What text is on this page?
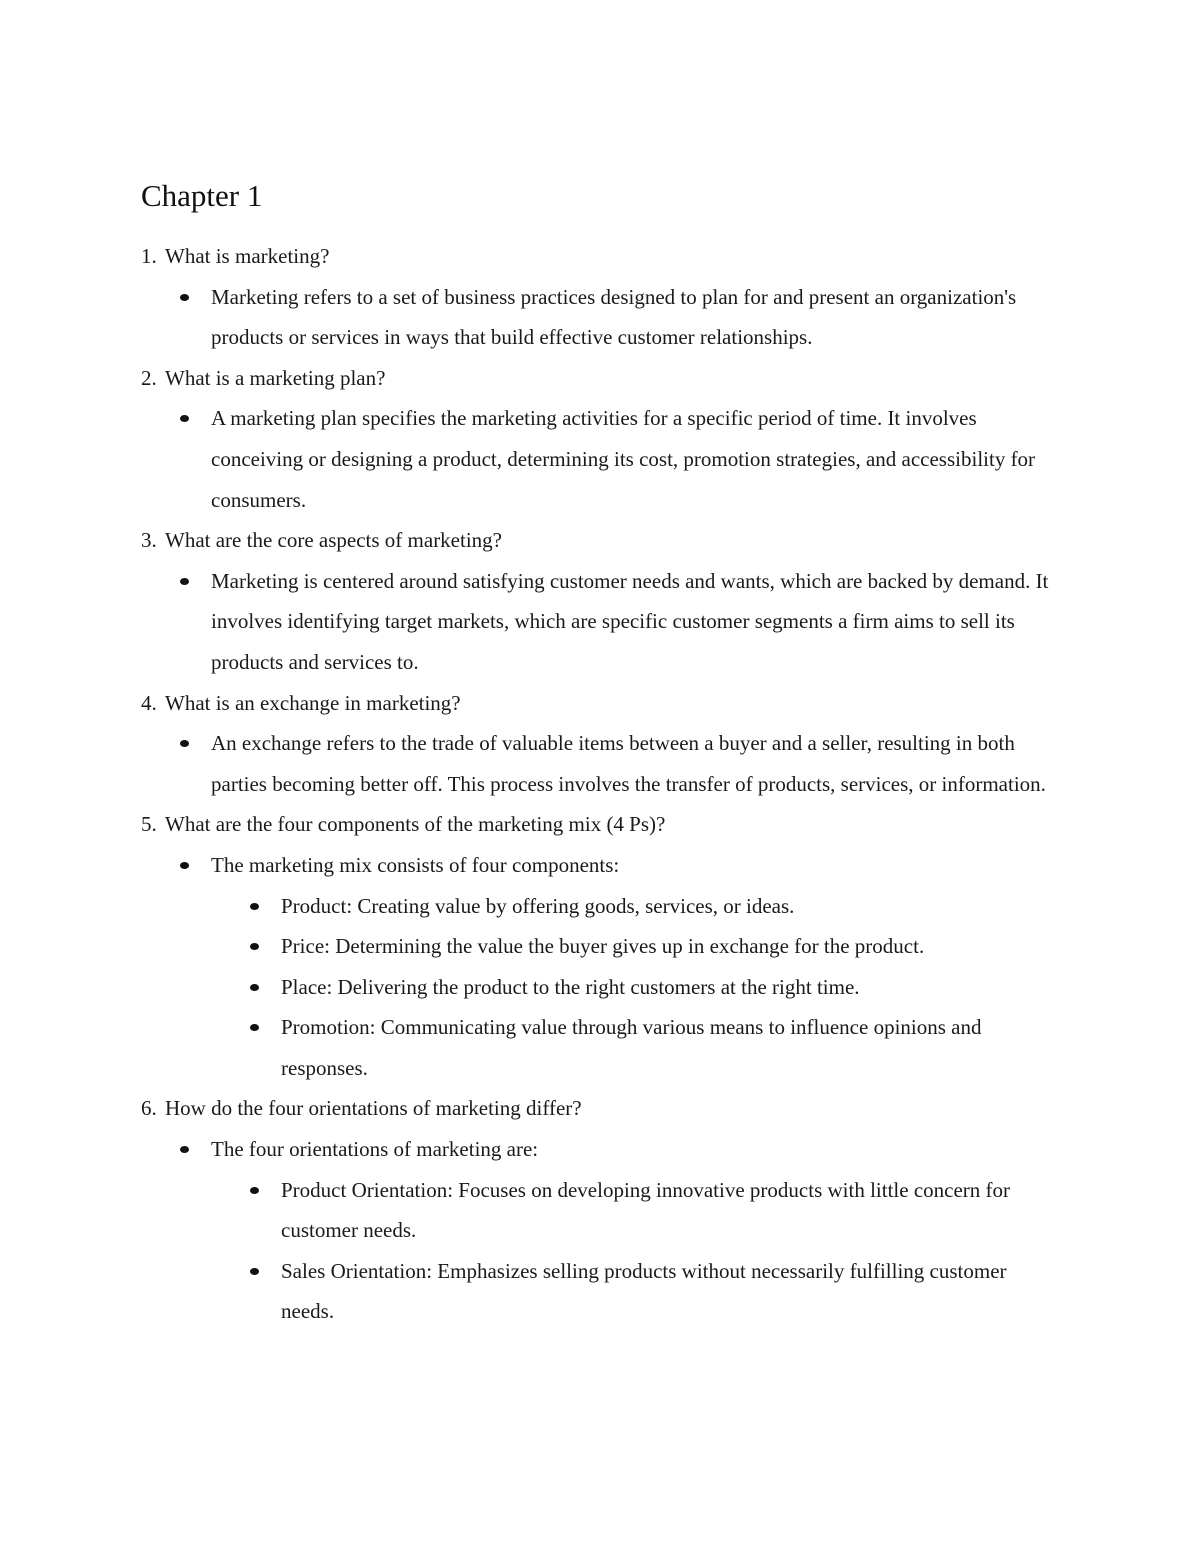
Chapter 1
1. What is marketing?
Marketing refers to a set of business practices designed to plan for and present an organization's products or services in ways that build effective customer relationships.
2. What is a marketing plan?
A marketing plan specifies the marketing activities for a specific period of time. It involves conceiving or designing a product, determining its cost, promotion strategies, and accessibility for consumers.
3. What are the core aspects of marketing?
Marketing is centered around satisfying customer needs and wants, which are backed by demand. It involves identifying target markets, which are specific customer segments a firm aims to sell its products and services to.
4. What is an exchange in marketing?
An exchange refers to the trade of valuable items between a buyer and a seller, resulting in both parties becoming better off. This process involves the transfer of products, services, or information.
5. What are the four components of the marketing mix (4 Ps)?
The marketing mix consists of four components:
Product: Creating value by offering goods, services, or ideas.
Price: Determining the value the buyer gives up in exchange for the product.
Place: Delivering the product to the right customers at the right time.
Promotion: Communicating value through various means to influence opinions and responses.
6. How do the four orientations of marketing differ?
The four orientations of marketing are:
Product Orientation: Focuses on developing innovative products with little concern for customer needs.
Sales Orientation: Emphasizes selling products without necessarily fulfilling customer needs.
